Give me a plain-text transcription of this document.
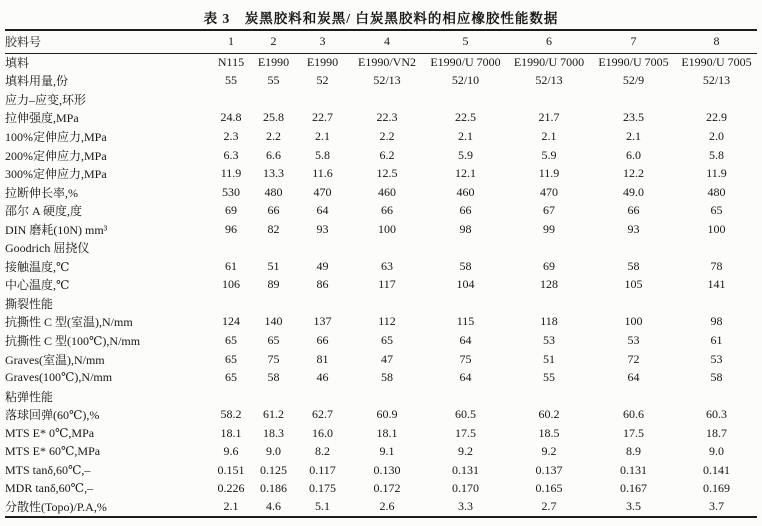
表 3　炭黑胶料和炭黑/ 白炭黑胶料的相应橡胶性能数据
胶料号	1	2	3	4	5	6	7	8
填料	N115	E1990	E1990	E1990/VN2	E1990/U 7000	E1990/U 7000	E1990/U 7005	E1990/U 7005
填料用量,份	55	55	52	52/13	52/10	52/13	52/9	52/13
应力–应变,环形								
拉伸强度,MPa	24.8	25.8	22.7	22.3	22.5	21.7	23.5	22.9
100%定伸应力,MPa	2.3	2.2	2.1	2.2	2.1	2.1	2.1	2.0
200%定伸应力,MPa	6.3	6.6	5.8	6.2	5.9	5.9	6.0	5.8
300%定伸应力,MPa	11.9	13.3	11.6	12.5	12.1	11.9	12.2	11.9
拉断伸长率,%	530	480	470	460	460	470	49.0	480
邵尔 A 硬度,度	69	66	64	66	66	67	66	65
DIN 磨耗(10N) mm³	96	82	93	100	98	99	93	100
Goodrich 屈挠仪								
接触温度,℃	61	51	49	63	58	69	58	78
中心温度,℃	106	89	86	117	104	128	105	141
撕裂性能								
抗撕性 C 型(室温),N/mm	124	140	137	112	115	118	100	98
抗撕性 C 型(100℃),N/mm	65	65	66	65	64	53	53	61
Graves(室温),N/mm	65	75	81	47	75	51	72	53
Graves(100℃),N/mm	65	58	46	58	64	55	64	58
粘弹性能								
落球回弹(60℃),%	58.2	61.2	62.7	60.9	60.5	60.2	60.6	60.3
MTS E* 0℃,MPa	18.1	18.3	16.0	18.1	17.5	18.5	17.5	18.7
MTS E* 60℃,MPa	9.6	9.0	8.2	9.1	9.2	9.2	8.9	9.0
MTS tanδ,60℃,–	0.151	0.125	0.117	0.130	0.131	0.137	0.131	0.141
MDR tanδ,60℃,–	0.226	0.186	0.175	0.172	0.170	0.165	0.167	0.169
分散性(Topo)/P.A,%	2.1	4.6	5.1	2.6	3.3	2.7	3.5	3.7
